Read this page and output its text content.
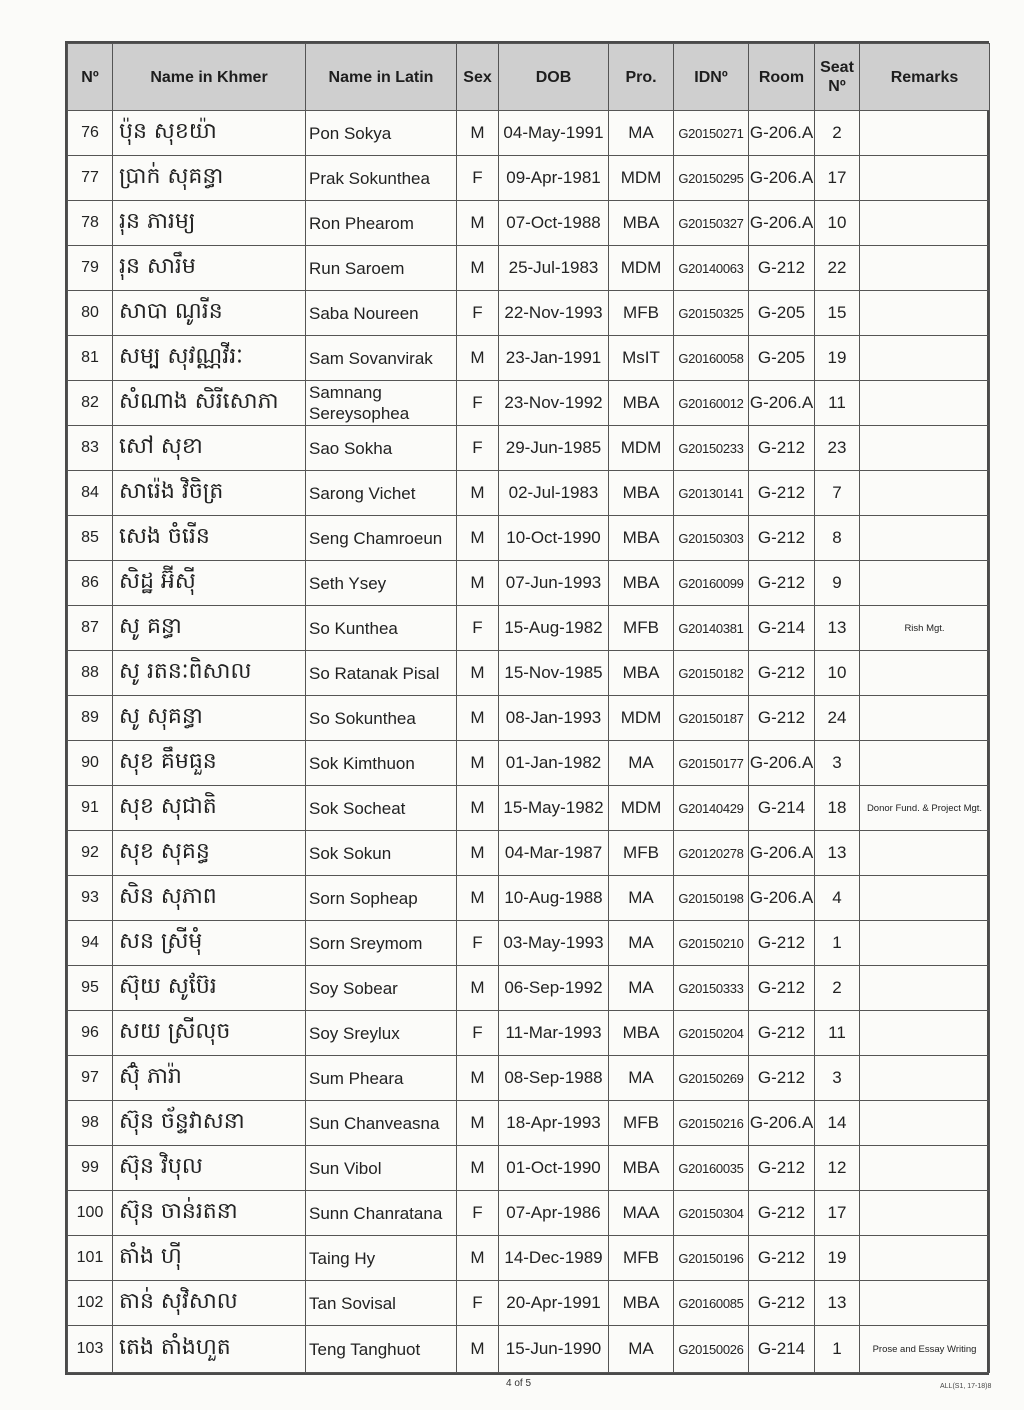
Nº	Name in Khmer	Name in Latin	Sex	DOB	Pro.	IDNº	Room	Seat Nº	Remarks
76	ប៉ុន សុខយ៉ា	Pon Sokya	M	04-May-1991	MA	G20150271	G-206.A	2	
77	ប្រាក់ សុគន្ធា	Prak Sokunthea	F	09-Apr-1981	MDM	G20150295	G-206.A	17	
78	រុន ភារម្យ	Ron Phearom	M	07-Oct-1988	MBA	G20150327	G-206.A	10	
79	រុន សារឹម	Run Saroem	M	25-Jul-1983	MDM	G20140063	G-212	22	
80	សាបា ណូរីន	Saba Noureen	F	22-Nov-1993	MFB	G20150325	G-205	15	
81	សម្ប សុវណ្ណវីរៈ	Sam Sovanvirak	M	23-Jan-1991	MsIT	G20160058	G-205	19	
82	សំណាង សិរីសោភា	Samnang Sereysophea	F	23-Nov-1992	MBA	G20160012	G-206.A	11	
83	សៅ សុខា	Sao Sokha	F	29-Jun-1985	MDM	G20150233	G-212	23	
84	សារ៉េង វិចិត្រ	Sarong Vichet	M	02-Jul-1983	MBA	G20130141	G-212	7	
85	សេង ចំរើន	Seng Chamroeun	M	10-Oct-1990	MBA	G20150303	G-212	8	
86	សិដ្ឋ អ៊ីស៊ី	Seth Ysey	M	07-Jun-1993	MBA	G20160099	G-212	9	
87	សូ គន្ធា	So Kunthea	F	15-Aug-1982	MFB	G20140381	G-214	13	Rish Mgt.
88	សូ រតនៈពិសាល	So Ratanak Pisal	M	15-Nov-1985	MBA	G20150182	G-212	10	
89	សូ សុគន្ធា	So Sokunthea	M	08-Jan-1993	MDM	G20150187	G-212	24	
90	សុខ គឹមធួន	Sok Kimthuon	M	01-Jan-1982	MA	G20150177	G-206.A	3	
91	សុខ សុជាតិ	Sok Socheat	M	15-May-1982	MDM	G20140429	G-214	18	Donor Fund. & Project Mgt.
92	សុខ សុគន្ធ	Sok Sokun	M	04-Mar-1987	MFB	G20120278	G-206.A	13	
93	សិន សុភាព	Sorn Sopheap	M	10-Aug-1988	MA	G20150198	G-206.A	4	
94	សន ស្រីមុំ	Sorn Sreymom	F	03-May-1993	MA	G20150210	G-212	1	
95	ស៊ុយ សូប៊ែរ	Soy Sobear	M	06-Sep-1992	MA	G20150333	G-212	2	
96	សយ ស្រីលុច	Soy Sreylux	F	11-Mar-1993	MBA	G20150204	G-212	11	
97	ស៊ុំ ភារ៉ា	Sum Pheara	M	08-Sep-1988	MA	G20150269	G-212	3	
98	ស៊ុន ច័ន្ទវាសនា	Sun Chanveasna	M	18-Apr-1993	MFB	G20150216	G-206.A	14	
99	ស៊ុន វិបុល	Sun Vibol	M	01-Oct-1990	MBA	G20160035	G-212	12	
100	ស៊ុន ចាន់រតនា	Sunn Chanratana	F	07-Apr-1986	MAA	G20150304	G-212	17	
101	តាំង ហ៊ី	Taing Hy	M	14-Dec-1989	MFB	G20150196	G-212	19	
102	តាន់ សុវិសាល	Tan Sovisal	F	20-Apr-1991	MBA	G20160085	G-212	13	
103	តេង តាំងហួត	Teng Tanghuot	M	15-Jun-1990	MA	G20150026	G-214	1	Prose and Essay Writing
4 of 5	ALL(S1, 17-18)8
